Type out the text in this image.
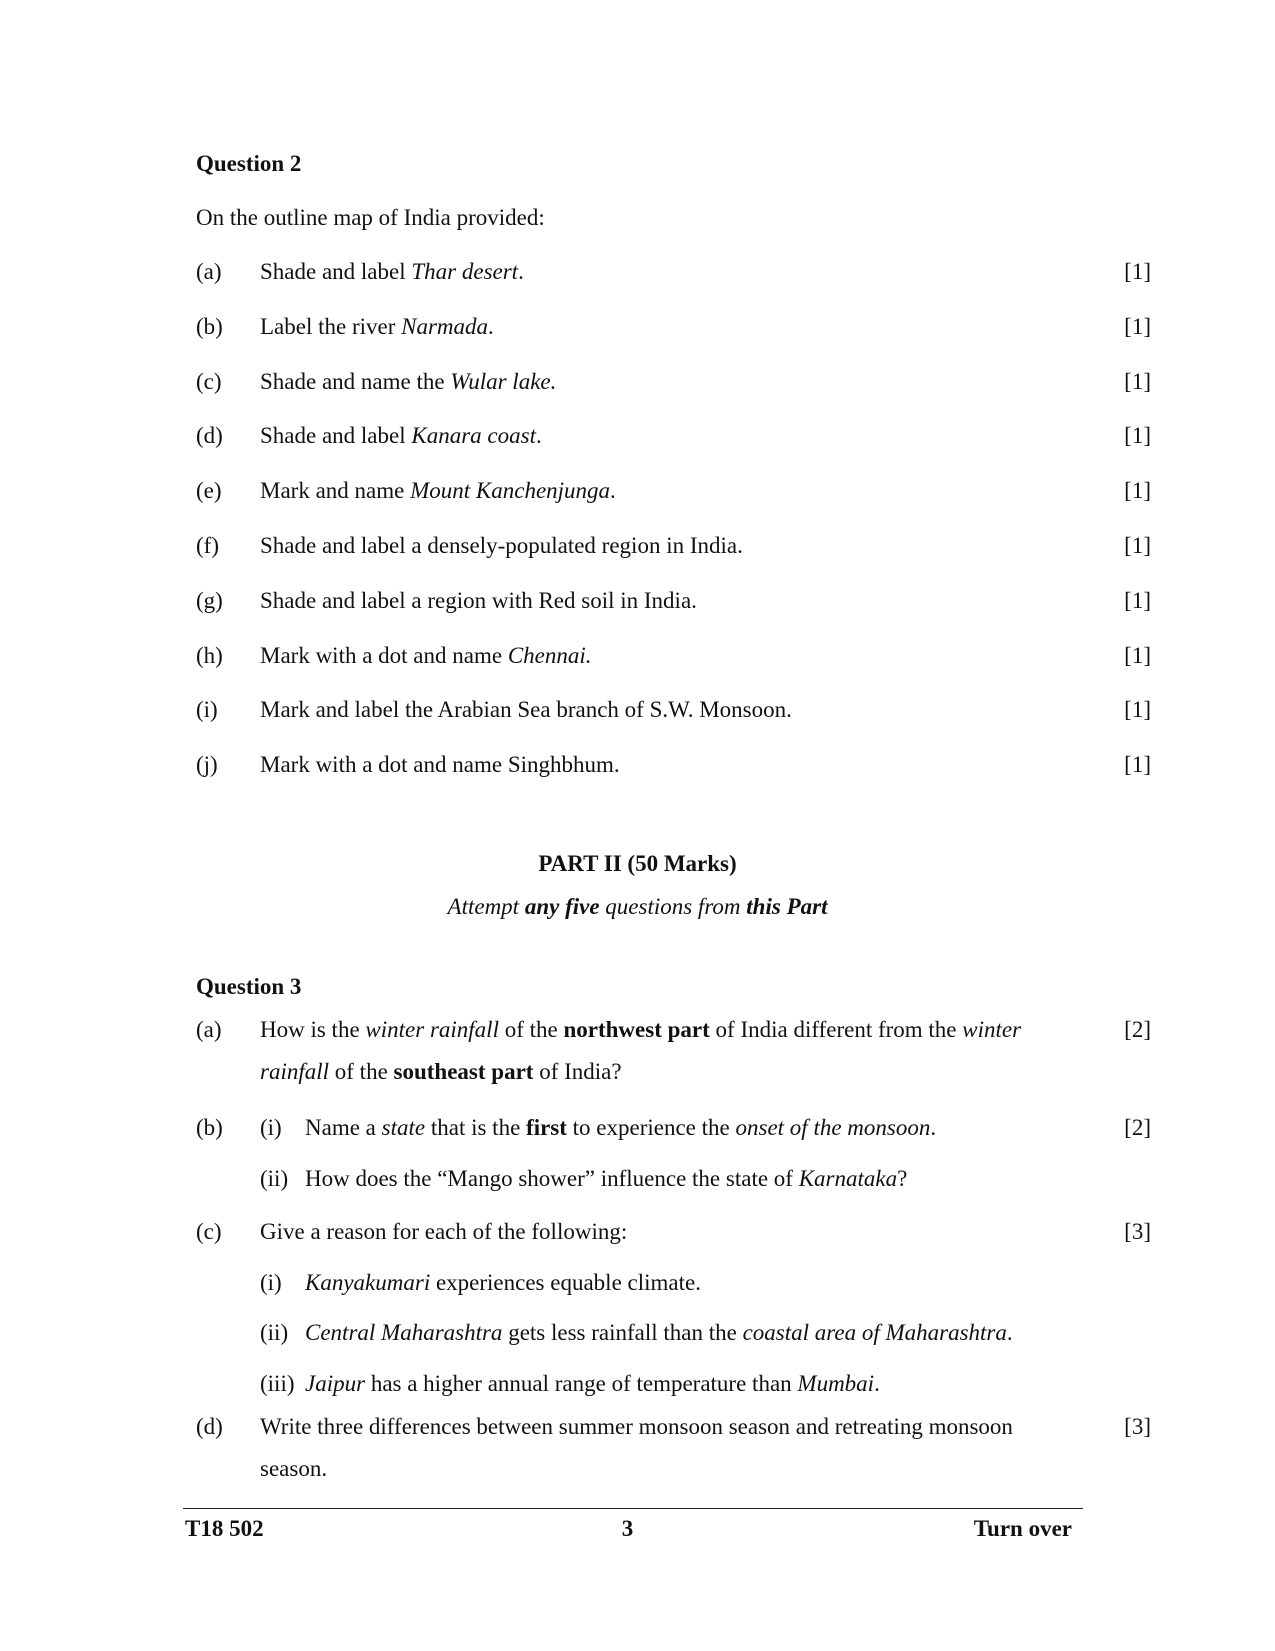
Question 2
On the outline map of India provided:
(a) Shade and label Thar desert.	[1]
(b) Label the river Narmada.	[1]
(c) Shade and name the Wular lake.	[1]
(d) Shade and label Kanara coast.	[1]
(e) Mark and name Mount Kanchenjunga.	[1]
(f) Shade and label a densely-populated region in India.	[1]
(g) Shade and label a region with Red soil in India.	[1]
(h) Mark with a dot and name Chennai.	[1]
(i) Mark and label the Arabian Sea branch of S.W. Monsoon.	[1]
(j) Mark with a dot and name Singhbhum.	[1]
PART II (50 Marks)
Attempt any five questions from this Part
Question 3
(a) How is the winter rainfall of the northwest part of India different from the winter	[2]
rainfall of the southeast part of India?
(b) (i) Name a state that is the first to experience the onset of the monsoon.	[2]
(ii) How does the “Mango shower” influence the state of Karnataka?
(c) Give a reason for each of the following:	[3]
(i) Kanyakumari experiences equable climate.
(ii) Central Maharashtra gets less rainfall than the coastal area of Maharashtra.
(iii) Jaipur has a higher annual range of temperature than Mumbai.
(d) Write three differences between summer monsoon season and retreating monsoon	[3]
season.
T18 502	3	Turn over
